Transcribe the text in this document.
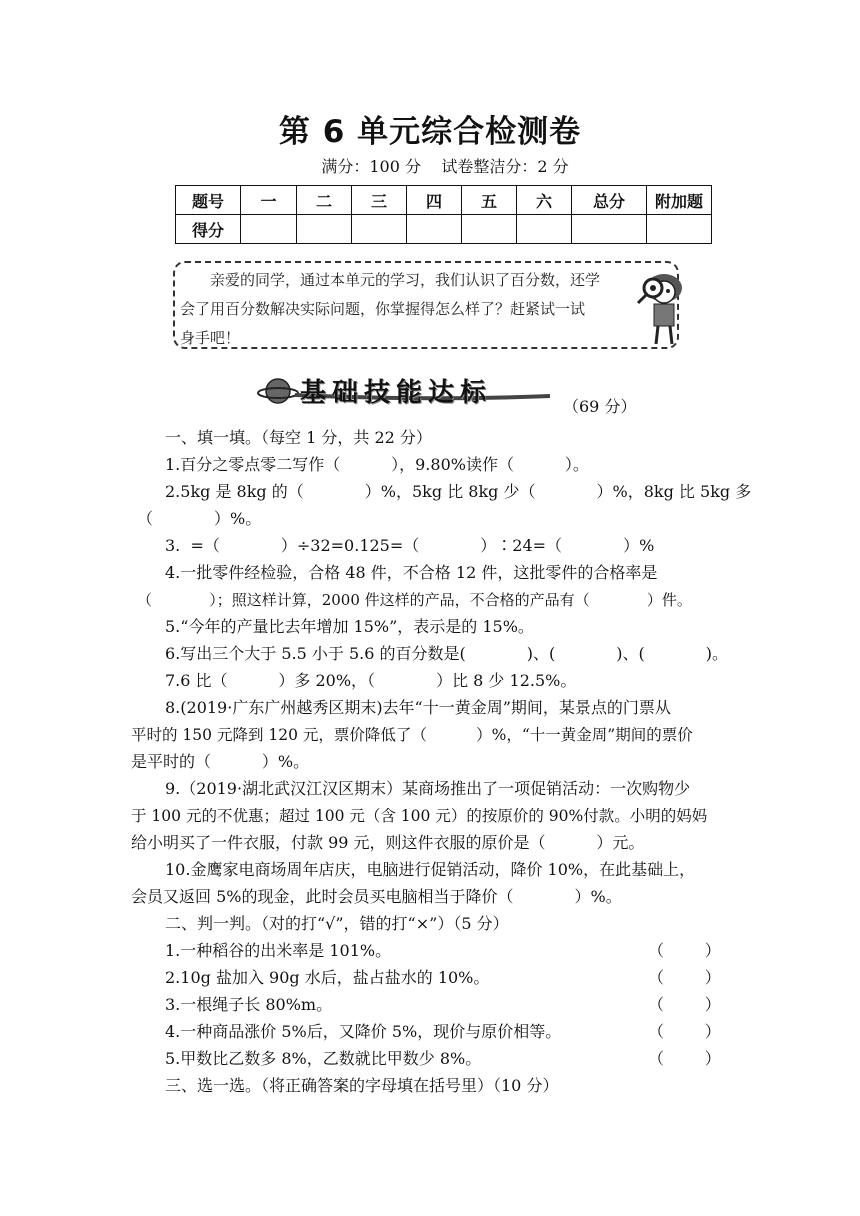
第 6 单元综合检测卷
满分：100 分    试卷整洁分：2 分
题号	一	二	三	四	五	六	总分	附加题
得分								
亲爱的同学，通过本单元的学习，我们认识了百分数，还学
会了用百分数解决实际问题，你掌握得怎么样了？赶紧试一试
身手吧！
基础技能达标	（69 分）
一、填一填。（每空 1 分，共 22 分）
1.百分之零点零二写作（          ），9.80%读作（          ）。
2.5kg 是 8kg 的（            ）%，5kg 比 8kg 少（            ）%，8kg 比 5kg 多
（            ）%。
3.  =（            ）÷32=0.125=（            ）∶24=（            ）%
4.一批零件经检验，合格 48 件，不合格 12 件，这批零件的合格率是
（            ）；照这样计算，2000 件这样的产品，不合格的产品有（            ）件。
5.“今年的产量比去年增加 15%”，表示是的 15%。
6.写出三个大于 5.5 小于 5.6 的百分数是(            )、(            )、(            )。
7.6 比（          ）多 20%，（            ）比 8 少 12.5%。
8.(2019·广东广州越秀区期末)去年“十一黄金周”期间，某景点的门票从
平时的 150 元降到 120 元，票价降低了（          ）%，“十一黄金周”期间的票价
是平时的（          ）%。
9.（2019·湖北武汉江汉区期末）某商场推出了一项促销活动：一次购物少
于 100 元的不优惠；超过 100 元（含 100 元）的按原价的 90%付款。小明的妈妈
给小明买了一件衣服，付款 99 元，则这件衣服的原价是（          ）元。
10.金鹰家电商场周年店庆，电脑进行促销活动，降价 10%，在此基础上，
会员又返回 5%的现金，此时会员买电脑相当于降价（            ）%。
二、判一判。（对的打“√”，错的打“×”）（5 分）
1.一种稻谷的出米率是 101%。	（        ）
2.10g 盐加入 90g 水后，盐占盐水的 10%。	（        ）
3.一根绳子长 80%m。	（        ）
4.一种商品涨价 5%后，又降价 5%，现价与原价相等。	（        ）
5.甲数比乙数多 8%，乙数就比甲数少 8%。	（        ）
三、选一选。（将正确答案的字母填在括号里）（10 分）
